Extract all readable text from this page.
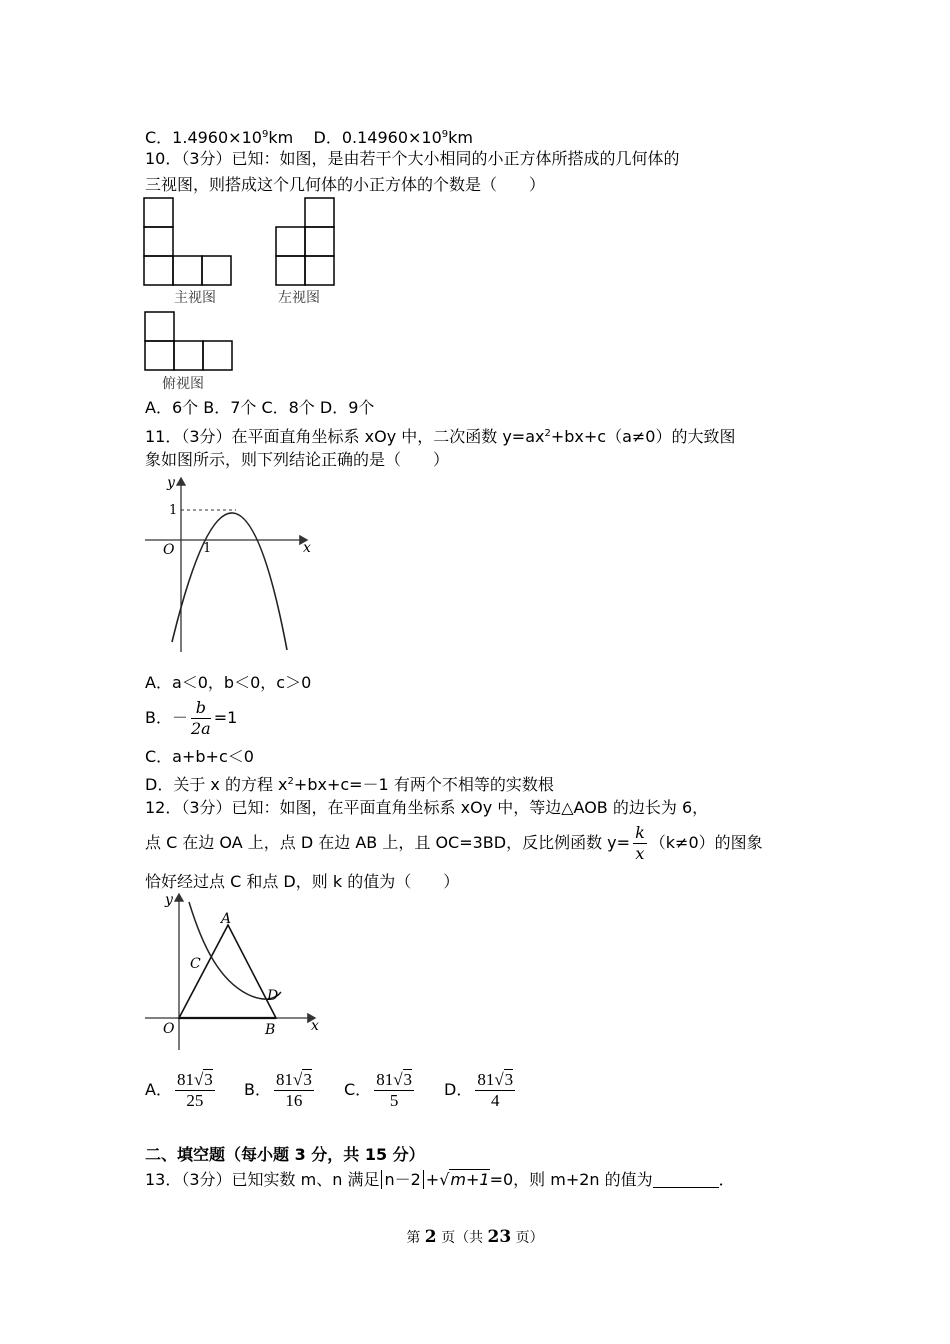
C．$1.4960\times 10^9km$ D．$0.14960\times 10^9km$
10．（3分）已知：如图，是由若干个大小相同的小正方体所搭成的几何体的
三视图，则搭成这个几何体的小正方体的个数是（　　）
主视图	左视图
俯视图
A．6个 B．7个 C．8个 D．9个
11．（3分）在平面直角坐标系 xOy 中，二次函数 $y=ax^2+bx+c(a\ne 0)$的大致图
象如图所示，则下列结论正确的是（　　）
y
x
O 1
1
A．a＜0，b＜0，c＞0
B．－ $\frac{b}{2a} =1$
C．a+b+c＜0
D．关于 x 的方程 $x^2+bx+c=-1$ 有两个不相等的实数根
12．（3分）已知：如图，在平面直角坐标系 xOy 中，等边△AOB 的边长为 6，
点 C 在边 OA 上，点 D 在边 AB 上，且 OC=3BD，反比例函数 $y= \frac{k}{x} (k\ne 0)$的图象
恰好经过点 C 和点 D，则 k 的值为（　　）
y
x
O
A
B
C
D
A． $\frac{81√3}{25}$ B． $\frac{81√3}{16}$ C． $\frac{81√3}{5}$ D． $\frac{81√3}{4}$
二、填空题（每小题 3 分，共 15 分）
13．（3分）已知实数 m、n 满足 n－2 +√m+1=0，则 m+2n 的值为	．
第 2 页（共 23 页）
